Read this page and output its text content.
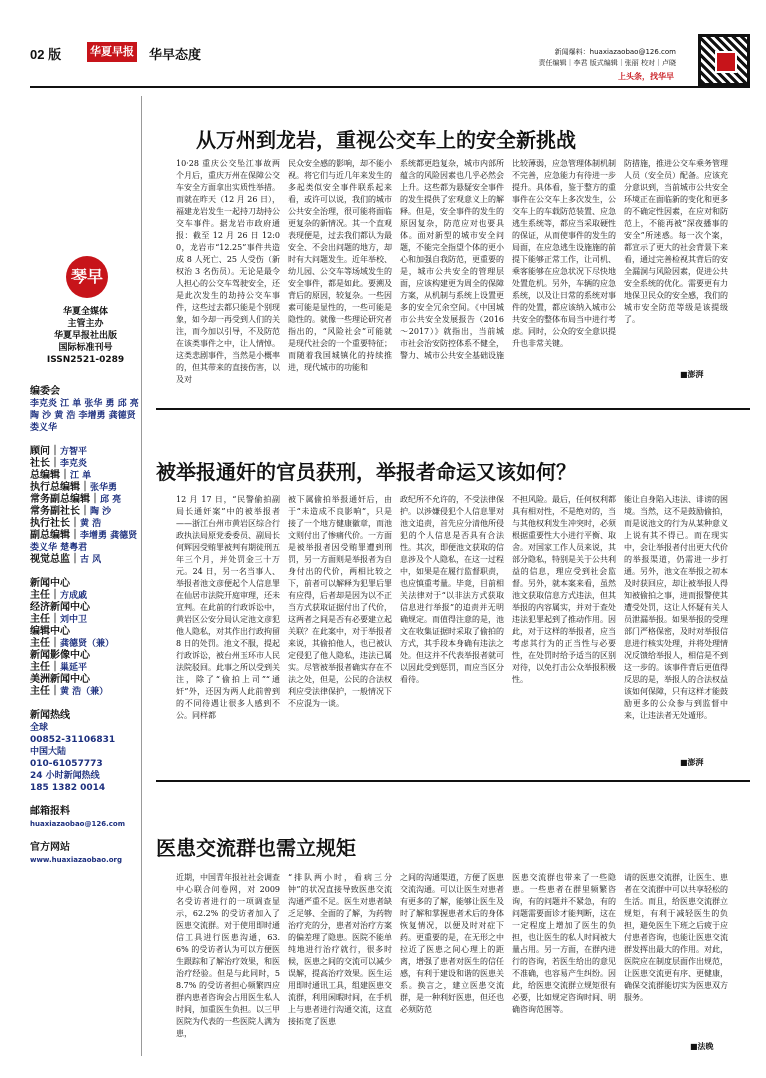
02 版	华夏早报 华早态度	新闻爆料：huaxiazaobao@126.com
责任编辑｜李君 版式编辑｜张丽 校对｜卢晓
上头条，找华早
琴早
华夏全媒体
主管主办
华夏早报社出版
国际标准刊号
ISSN2521-0289
编委会
李克炎 江 单 张华 勇 邱 亮 陶 沙 黄 浩 李增勇 龚德贤 娄义华
顾问｜方智平
社长｜李克炎
总编辑｜江 单
执行总编辑｜张华勇
常务副总编辑｜邱 亮
常务副社长｜陶 沙
执行社长｜黄 浩
副总编辑｜李增勇 龚德贤 娄义华 楚粤君
视觉总监｜古 风
新闻中心
主任｜方成戚
经济新闻中心
主任｜刘中卫
编辑中心
主任｜龚德贤（兼）
新闻影像中心
主任｜巢延平
美洲新闻中心
主任｜黄 浩（兼）
新闻热线
全球
00852-31106831
中国大陆
010-61057773
24 小时新闻热线
185 1382 0014
邮箱报料
huaxiazaobao@126.com
官方网站
www.huaxiazaobao.org
从万州到龙岩，重视公交车上的安全新挑战
10·28 重庆公交坠江事故两个月后，重庆万州在保障公交车安全方面拿出实质性举措。而就在昨天（12 月 26 日），福建龙岩发生一起持刀劫持公交车事件。据龙岩市政府通报：截至 12 月 26 日 12:00，龙岩市“12.25”事件共造成 8 人死亡、25 人受伤（新权治 3 名伤员）。无论是最令人担心的公交车驾驶安全，还是此次发生的劫持公交车事件，这些过去都只能是个别现象，如今却一再受到人们的关注，而今加以引导，不及防范在该类事件之中，让人情悼。这类悲剧事件，当然是小概率的，但其带来的直接伤害，以及对
民众安全感的影响，却不能小视。将它们与近几年来发生的多起类似安全事件联系起来看，或许可以说，我们的城市公共安全治理，很可能将面临更复杂的新情况。其一个直观表现便是，过去我们都认为最安全、不会出问题的地方，却时有大问题发生。近年举校、幼儿园、公交车等场域发生的安全事件，都是如此。要溯及背后的原因，较复杂。一些因素可能是显性的，一些可能是隐性的。就像一些理论研究者指出的，“风险社会”可能就是现代社会的一个重要特征；而随着我国城镇化的持续推进，现代城市的功能和
系统都更趋复杂，城市内部所蕴含的风险因素也几乎必然会上升。这些都为悬疑安全事件的发生提供了宏观意义上的解释。但是，安全事件的发生的原因复杂，防范应对也要具体。面对新型的城市安全问题，不能完全指望个体的更小心和加强自我防范，更重要的是，城市公共安全的管理层面，应该构建更为周全的保障方案，从机制与系统上设置更多的安全冗余空间。《中国城市公共安全发展报告（2016～2017）》就指出，当前城市社会治安防控体系不健全，警力、城市公共安全基础设施
比较薄弱，应急管理体制机制不完善，应急能力有待进一步提升。具体看，鉴于整方的重事件在公交车上多次发生，公交车上的车载防范装置、应急逃生系统等，都应当采取硬性的保证，从而使事件的发生的局面，在应急逃生设施施的前提下能够正常工作，让司机、乘客能够在应急状况下尽快地处置危机。另外，车辆的应急系统，以及让日常的系统对事件的处置，都应该纳入城市公共安全的整体布局当中进行考虑。同时，公众的安全意识提升也非常关键。
防措施，推进公交车乘务管理人员（安全员）配备。应该充分意识到，当前城市公共安全环境正在面临新的变化和更多的不确定性因素，在应对和防范上，不能再被“深夜播事的安全”所迷惑。每一次个案，都宣示了更大的社会背景下来看，通过完善检视其背后的安全漏洞与风险因素，促进公共安全系统的优化。需要更有力地保卫民众的安全感，我们的城市安全防范等级是该提级了。
■澎湃
被举报通奸的官员获刑，举报者命运又该如何？
12 月 17 日，“民警偷拍副局长通奸案”中的被举报者——浙江台州市黄岩区综合行政执法局原党委委员、副局长何辉因受贿罪被判有期徒刑五年三个月，并处罚金三十万元。24 日，另一名当事人、举报者池文彦便起个人信息罪在仙居市法院开庭审理，还未宣判。在此前的行政诉讼中，黄岩区公安分局认定池文彦犯他人隐私，对其作出行政拘留 8 日的处罚。池文不服，提起行政诉讼，被台州玉环市人民法院驳回。此事之所以受到关注，除了“偷拍上司”“通奸”外，还因为两人此前曾到的不同待遇让很多人感到不公。同样都
被下属偷拍举报通奸后，由于“未造成不良影响”，只是接了一个地方健康徽章，而池文则付出了惨痛代价。一方面是被举报者因受贿罪遭到刑罚，另一方面则是举报者为自身付出的代价，两相比较之下，前者可以解释为犯罪后罪有应得，后者却是因为以不正当方式获取证据付出了代价，这两者之间是否有必要建立起关联？在此案中，对于举报者来说，其偷拍他人，也已被认定侵犯了他人隐私，违法已属实。尽管被举报者确实存在不法之处，但是，公民的合法权利应受法律保护，一般情况下不应混为一谈。
政纪所不允许的，不受法律保护。以涉嫌侵犯个人信息罪对池文追责，首先应分清他所侵犯的个人信息是否具有合法性。其次，即便池文获取的信息涉及个人隐私，在这一过程中，如果是在履行监督职责，也应慎重考量。毕竟，目前相关法律对于“以非法方式获取信息进行举报”的追责并无明确规定。而值得注意的是，池文在收集证据时采取了偷拍的方式，其手段本身确有违法之处。但这并不代表举报者就可以因此受到惩罚，而应当区分看待。
不担风险。最后，任何权利都具有相对性，不是绝对的，当与其他权利发生冲突时，必须根据重要性大小进行平衡、取舍。对国家工作人员来说，其部分隐私，特别是关于公共利益的信息，理应受到社会监督。另外，就本案来看，虽然池文获取信息方式违法，但其举报的内容属实，并对于查处违法犯罪起到了推动作用。因此，对于这样的举报者，应当考虑其行为的正当性与必要性，在处罚时给予适当的区别对待，以免打击公众举报积极性。
能让自身陷入违法、诽谤的困境。当然，这不是鼓励偷拍，而是说池文的行为从某种意义上说有其不得已。而在现实中，会让举报者付出更大代价的举报渠道，仍需进一步打通。另外，池文在举报之初本及时获回应，却让被举报人得知被偷拍之事，进而报警使其遭受处罚，这让人怀疑有关人员泄漏举报。如果举报的受理部门严格保密，及时对举报信息进行核实处理，并将处理情况反馈给举报人，相信是不到这一步的。该事件背后更值得反思的是，举报人的合法权益该如何保障，只有这样才能鼓励更多的公众参与到监督中来，让违法者无处遁形。
■澎湃
医患交流群也需立规矩
近期，中国青年报社社会调查中心联合问卷网，对 2009 名受访者进行的一项调查显示，62.2% 的受访者加入了医患交流群。对于使用即时通信工具进行医患沟通，63.6% 的受访者认为可以方便医生跟踪和了解治疗效果，和医治疗经验。但是与此同时，58.7% 的受访者担心频繁四应群内患者咨询会占用医生私人时间，加重医生负担。以三甲医院为代表的一些医院人满为患，
“排队两小时，看病三分钟”的状况直接导致医患交流沟通严重不足。医生对患者缺乏足够、全面的了解，为药物治疗充的分，患者对治疗方案的偏差理了隐患。医院不能单纯地进行治疗就行，很多时候，医患之间的交流可以减少误解，提高治疗效果。医生运用即时通讯工具，组建医患交流群，利用闲暇时间，在手机上与患者进行沟通交流，这直接拓宽了医患
之间的沟通渠道，方便了医患交流沟通。可以让医生对患者有更多的了解，能够让医生及时了解和掌握患者术后的身体恢复情况，以便及时对症下药。更重要的是，在无形之中拉近了医患之间心理上的距离，增强了患者对医生的信任感，有利于建设和谐的医患关系。换言之，建立医患交流群，是一种利好医患，但还也必须防范
医患交流群也带来了一些隐患。一些患者在群里频繁咨询，有的问题并不紧急，有的问题需要面诊才能判断，这在一定程度上增加了医生的负担，也让医生的私人时间被大量占用。另一方面，在群内进行的咨询，若医生给出的意见不准确，也容易产生纠纷。因此，给医患交流群立规矩很有必要，比如规定咨询时间、明确咨询范围等。
请的医患交流群，让医生、患者在交流群中可以共享轻松的生活。而且，给医患交流群立规矩，有利于减轻医生的负担，避免医生下班之后疲于应付患者咨询，也能让医患交流群发挥出最大的作用。对此，医院应在制度层面作出规范，让医患交流更有序、更健康，确保交流群能切实为医患双方服务。
■法晚
